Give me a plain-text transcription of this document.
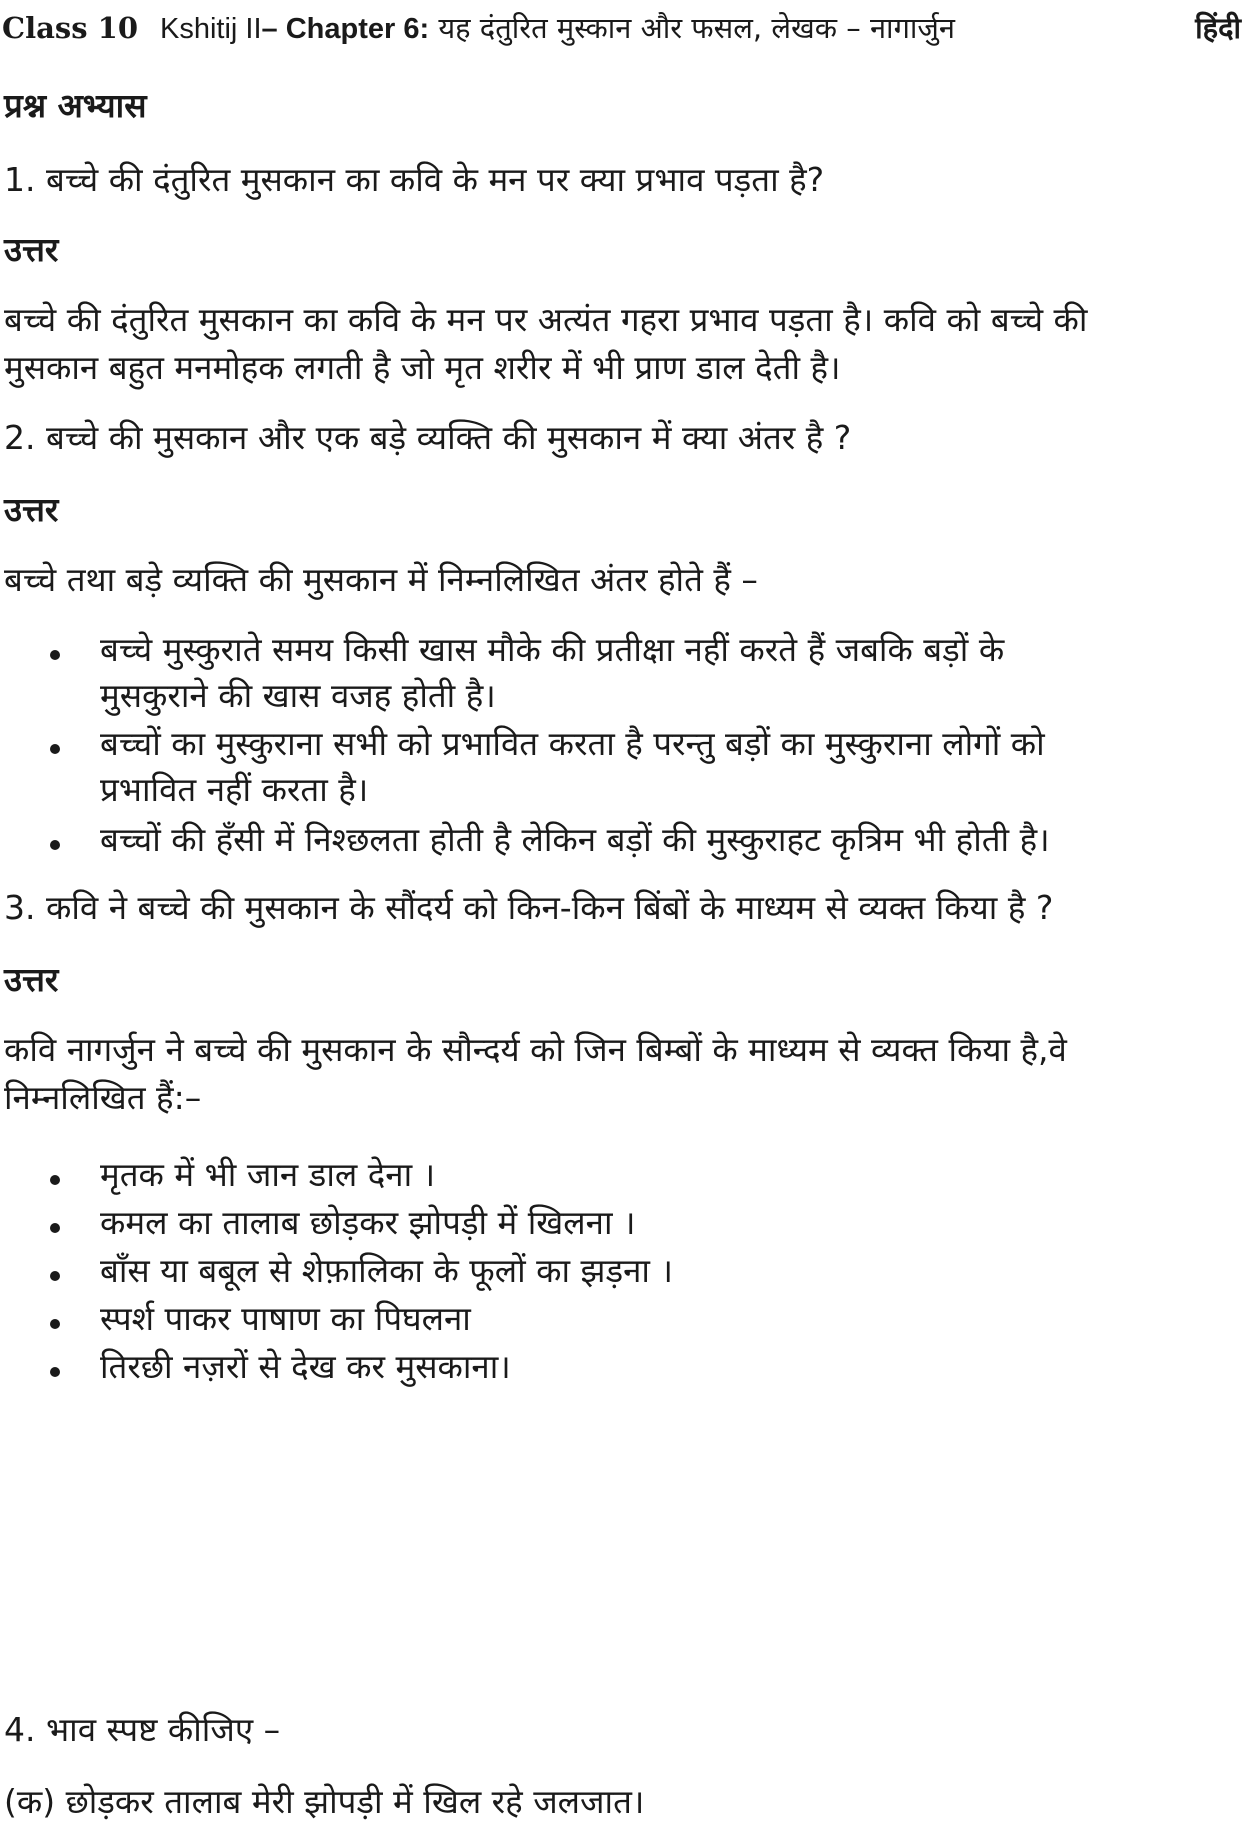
Class 10 Kshitij II– Chapter 6: यह दंतुरित मुस्कान और फसल, लेखक – नागार्जुन	हिंदी
प्रश्न अभ्यास
1. बच्चे की दंतुरित मुसकान का कवि के मन पर क्या प्रभाव पड़ता है?
उत्तर
बच्चे की दंतुरित मुसकान का कवि के मन पर अत्यंत गहरा प्रभाव पड़ता है। कवि को बच्चे की
मुसकान बहुत मनमोहक लगती है जो मृत शरीर में भी प्राण डाल देती है।
2. बच्चे की मुसकान और एक बड़े व्यक्ति की मुसकान में क्या अंतर है ?
उत्तर
बच्चे तथा बड़े व्यक्ति की मुसकान में निम्नलिखित अंतर होते हैं –
बच्चे मुस्कुराते समय किसी खास मौके की प्रतीक्षा नहीं करते हैं जबकि बड़ों के
मुसकुराने की खास वजह होती है।
बच्चों का मुस्कुराना सभी को प्रभावित करता है परन्तु बड़ों का मुस्कुराना लोगों को
प्रभावित नहीं करता है।
बच्चों की हँसी में निश्छलता होती है लेकिन बड़ों की मुस्कुराहट कृत्रिम भी होती है।
3. कवि ने बच्चे की मुसकान के सौंदर्य को किन-किन बिंबों के माध्यम से व्यक्त किया है ?
उत्तर
कवि नागर्जुन ने बच्चे की मुसकान के सौन्दर्य को जिन बिम्बों के माध्यम से व्यक्त किया है,वे
निम्नलिखित हैं:–
मृतक में भी जान डाल देना ।
कमल का तालाब छोड़कर झोपड़ी में खिलना ।
बाँस या बबूल से शेफ़ालिका के फूलों का झड़ना ।
स्पर्श पाकर पाषाण का पिघलना
तिरछी नज़रों से देख कर मुसकाना।
4. भाव स्पष्ट कीजिए –
(क) छोड़कर तालाब मेरी झोपड़ी में खिल रहे जलजात।
